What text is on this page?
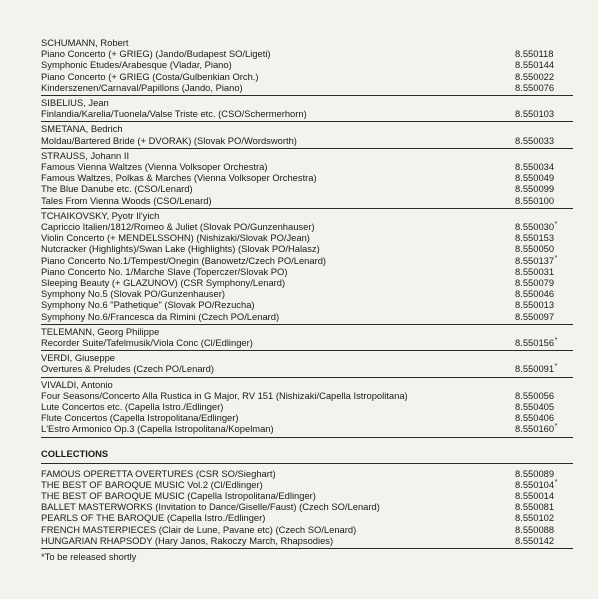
SCHUMANN, Robert
Piano Concerto (+ GRIEG) (Jando/Budapest SO/Ligeti)	8.550118
Symphonic Etudes/Arabesque (Vladar, Piano)	8.550144
Piano Concerto (+ GRIEG (Costa/Gulbenkian Orch.)	8.550022
Kinderszenen/Carnaval/Papillons (Jando, Piano)	8.550076
SIBELIUS, Jean
Finlandia/Karelia/Tuonela/Valse Triste etc. (CSO/Schermerhorn)	8.550103
SMETANA, Bedrich
Moldau/Bartered Bride (+ DVORAK) (Slovak PO/Wordsworth)	8.550033
STRAUSS, Johann II
Famous Vienna Waltzes (Vienna Volksoper Orchestra)	8.550034
Famous Waltzes, Polkas & Marches (Vienna Volksoper Orchestra)	8.550049
The Blue Danube etc. (CSO/Lenard)	8.550099
Tales From Vienna Woods (CSO/Lenard)	8.550100
TCHAIKOVSKY, Pyotr Il'yich
Capriccio Italien/1812/Romeo & Juliet (Slovak PO/Gunzenhauser)	8.550030 *
Violin Concerto (+ MENDELSSOHN) (Nishizaki/Slovak PO/Jean)	8.550153
Nutcracker (Highlights)/Swan Lake (Highlights) (Slovak PO/Halasz)	8.550050
Piano Concerto No.1/Tempest/Onegin (Banowetz/Czech PO/Lenard)	8.550137 *
Piano Concerto No. 1/Marche Slave (Toperczer/Slovak PO)	8.550031
Sleeping Beauty (+ GLAZUNOV) (CSR Symphony/Lenard)	8.550079
Symphony No.5 (Slovak PO/Gunzenhauser)	8.550046
Symphony No.6 "Pathetique" (Slovak PO/Rezucha)	8.550013
Symphony No.6/Francesca da Rimini (Czech PO/Lenard)	8.550097
TELEMANN, Georg Philippe
Recorder Suite/Tafelmusik/Viola Conc (Cl/Edlinger)	8.550156 *
VERDI, Giuseppe
Overtures & Preludes (Czech PO/Lenard)	8.550091 *
VIVALDI, Antonio
Four Seasons/Concerto Alla Rustica in G Major, RV 151 (Nishizaki/Capella Istropolitana)	8.550056
Lute Concertos etc. (Capella Istro./Edlinger)	8.550405
Flute Concertos (Capella Istropolitana/Edlinger)	8.550406
L'Estro Armonico Op.3 (Capella Istropolitana/Kopelman)	8.550160 *
COLLECTIONS
FAMOUS OPERETTA OVERTURES (CSR SO/Sieghart)	8.550089
THE BEST OF BAROQUE MUSIC Vol.2 (Cl/Edlinger)	8.550104 *
THE BEST OF BAROQUE MUSIC (Capella Istropolitana/Edlinger)	8.550014
BALLET MASTERWORKS (Invitation to Dance/Giselle/Faust) (Czech SO/Lenard)	8.550081
PEARLS OF THE BAROQUE (Capella Istro./Edlinger)	8.550102
FRENCH MASTERPIECES (Clair de Lune, Pavane etc) (Czech SO/Lenard)	8.550088
HUNGARIAN RHAPSODY (Hary Janos, Rakoczy March, Rhapsodies)	8.550142
*To be released shortly
